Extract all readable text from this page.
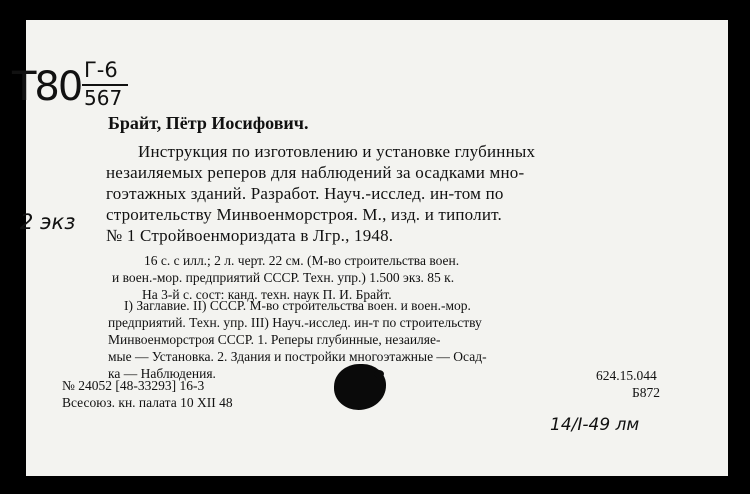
Т80 Г-6
567
2 экз
Брайт, Пётр Иосифович.
Инструкция по изготовлению и установке глубинных
незаиляемых реперов для наблюдений за осадками мно-
гоэтажных зданий. Разработ. Науч.-исслед. ин-том по
строительству Минвоенморстроя. М., изд. и типолит.
№ 1 Стройвоенмориздата в Лгр., 1948.
16 с. с илл.; 2 л. черт. 22 см. (М-во строительства воен.
и воен.-мор. предприятий СССР. Техн. упр.) 1.500 экз. 85 к.
На 3-й с. сост: канд. техн. наук П. И. Брайт.
I) Заглавие. II) СССР. М-во строительства воен. и воен.-мор.
предприятий. Техн. упр. III) Науч.-исслед. ин-т по строительству
Минвоенморстроя СССР. 1. Реперы глубинные, незаиляе-
мые — Установка. 2. Здания и постройки многоэтажные — Осад-
ка — Наблюдения.
№ 24052 [48-33293] 16-3
Всесоюз. кн. палата 10 XII 48
624.15.044
Б872
14/I-49 лм
